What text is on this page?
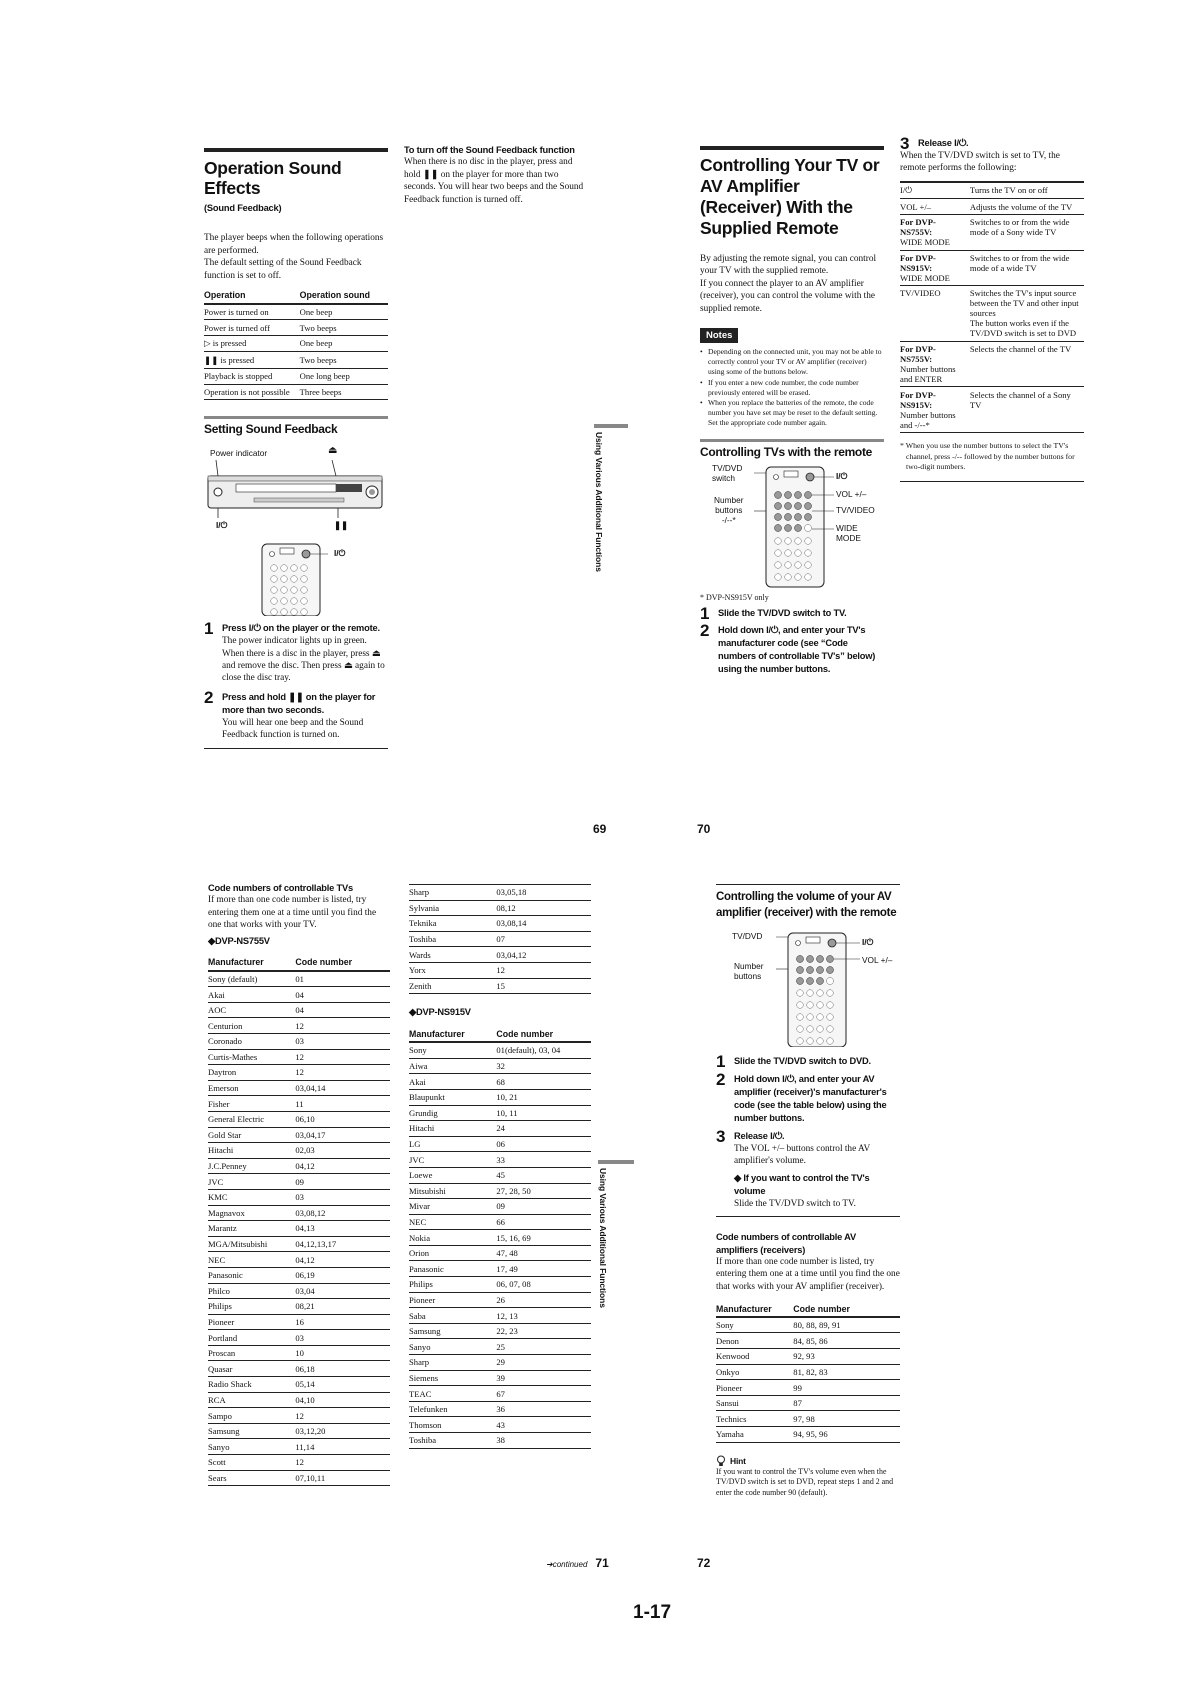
Operation Sound Effects
(Sound Feedback)
The player beeps when the following operations are performed.
The default setting of the Sound Feedback function is set to off.
Operation	Operation sound
Power is turned on	One beep
Power is turned off	Two beeps
▷ is pressed	One beep
❚❚ is pressed	Two beeps
Playback is stopped	One long beep
Operation is not possible	Three beeps
Setting Sound Feedback
Power indicator	⏏
I/⏻	❚❚
I/⏻
1 Press I/⏻ on the player or the remote.
The power indicator lights up in green. When there is a disc in the player, press ⏏ and remove the disc. Then press ⏏ again to close the disc tray.
2 Press and hold ❚❚ on the player for more than two seconds.
You will hear one beep and the Sound Feedback function is turned on.
To turn off the Sound Feedback function
When there is no disc in the player, press and hold ❚❚ on the player for more than two seconds. You will hear two beeps and the Sound Feedback function is turned off.
Using Various Additional Functions
69
Controlling Your TV or AV Amplifier (Receiver) With the Supplied Remote
By adjusting the remote signal, you can control your TV with the supplied remote.
If you connect the player to an AV amplifier (receiver), you can control the volume with the supplied remote.
Notes
• Depending on the connected unit, you may not be able to correctly control your TV or AV amplifier (receiver) using some of the buttons below.
• If you enter a new code number, the code number previously entered will be erased.
• When you replace the batteries of the remote, the code number you have set may be reset to the default setting. Set the appropriate code number again.
Controlling TVs with the remote
TV/DVD
switch
Number
buttons
-/--*
I/⏻
VOL +/–
TV/VIDEO
WIDE
MODE
* DVP-NS915V only
1 Slide the TV/DVD switch to TV.
2 Hold down I/⏻, and enter your TV's manufacturer code (see “Code numbers of controllable TV's” below) using the number buttons.
3 Release I/⏻.
When the TV/DVD switch is set to TV, the remote performs the following:
I/⏻	Turns the TV on or off

VOL +/–	Adjusts the volume of the TV

For DVP-NS755V:
WIDE MODE	Switches to or from the wide mode of a Sony wide TV

For DVP-NS915V:
WIDE MODE	Switches to or from the wide mode of a wide TV

TV/VIDEO	Switches the TV's input source between the TV and other input sources
The button works even if the TV/DVD switch is set to DVD

For DVP-NS755V:
Number buttons and ENTER	Selects the channel of the TV

For DVP-NS915V:
Number buttons and -/--*	Selects the channel of a Sony TV
* When you use the number buttons to select the TV's channel, press -/-- followed by the number buttons for two-digit numbers.
70
Code numbers of controllable TVs
If more than one code number is listed, try entering them one at a time until you find the one that works with your TV.
◆DVP-NS755V
Manufacturer	Code number
Sony (default)	01
Akai	04
AOC	04
Centurion	12
Coronado	03
Curtis-Mathes	12
Daytron	12
Emerson	03,04,14
Fisher	11
General Electric	06,10
Gold Star	03,04,17
Hitachi	02,03
J.C.Penney	04,12
JVC	09
KMC	03
Magnavox	03,08,12
Marantz	04,13
MGA/Mitsubishi	04,12,13,17
NEC	04,12
Panasonic	06,19
Philco	03,04
Philips	08,21
Pioneer	16
Portland	03
Proscan	10
Quasar	06,18
Radio Shack	05,14
RCA	04,10
Sampo	12
Samsung	03,12,20
Sanyo	11,14
Scott	12
Sears	07,10,11
Sharp	03,05,18
Sylvania	08,12
Teknika	03,08,14
Toshiba	07
Wards	03,04,12
Yorx	12
Zenith	15
◆DVP-NS915V
Manufacturer	Code number
Sony	01(default), 03, 04
Aiwa	32
Akai	68
Blaupunkt	10, 21
Grundig	10, 11
Hitachi	24
LG	06
JVC	33
Loewe	45
Mitsubishi	27, 28, 50
Mivar	09
NEC	66
Nokia	15, 16, 69
Orion	47, 48
Panasonic	17, 49
Philips	06, 07, 08
Pioneer	26
Saba	12, 13
Samsung	22, 23
Sanyo	25
Sharp	29
Siemens	39
TEAC	67
Telefunken	36
Thomson	43
Toshiba	38
Using Various Additional Functions
➔continued 71
Controlling the volume of your AV amplifier (receiver) with the remote
TV/DVD
Number
buttons
I/⏻
VOL +/–
1 Slide the TV/DVD switch to DVD.
2 Hold down I/⏻, and enter your AV amplifier (receiver)'s manufacturer's code (see the table below) using the number buttons.
3 Release I/⏻.
The VOL +/– buttons control the AV amplifier's volume.
◆ If you want to control the TV's volume
Slide the TV/DVD switch to TV.
Code numbers of controllable AV amplifiers (receivers)
If more than one code number is listed, try entering them one at a time until you find the one that works with your AV amplifier (receiver).
Manufacturer	Code number
Sony	80, 88, 89, 91
Denon	84, 85, 86
Kenwood	92, 93
Onkyo	81, 82, 83
Pioneer	99
Sansui	87
Technics	97, 98
Yamaha	94, 95, 96
Hint
If you want to control the TV's volume even when the TV/DVD switch is set to DVD, repeat steps 1 and 2 and enter the code number 90 (default).
72
1-17
